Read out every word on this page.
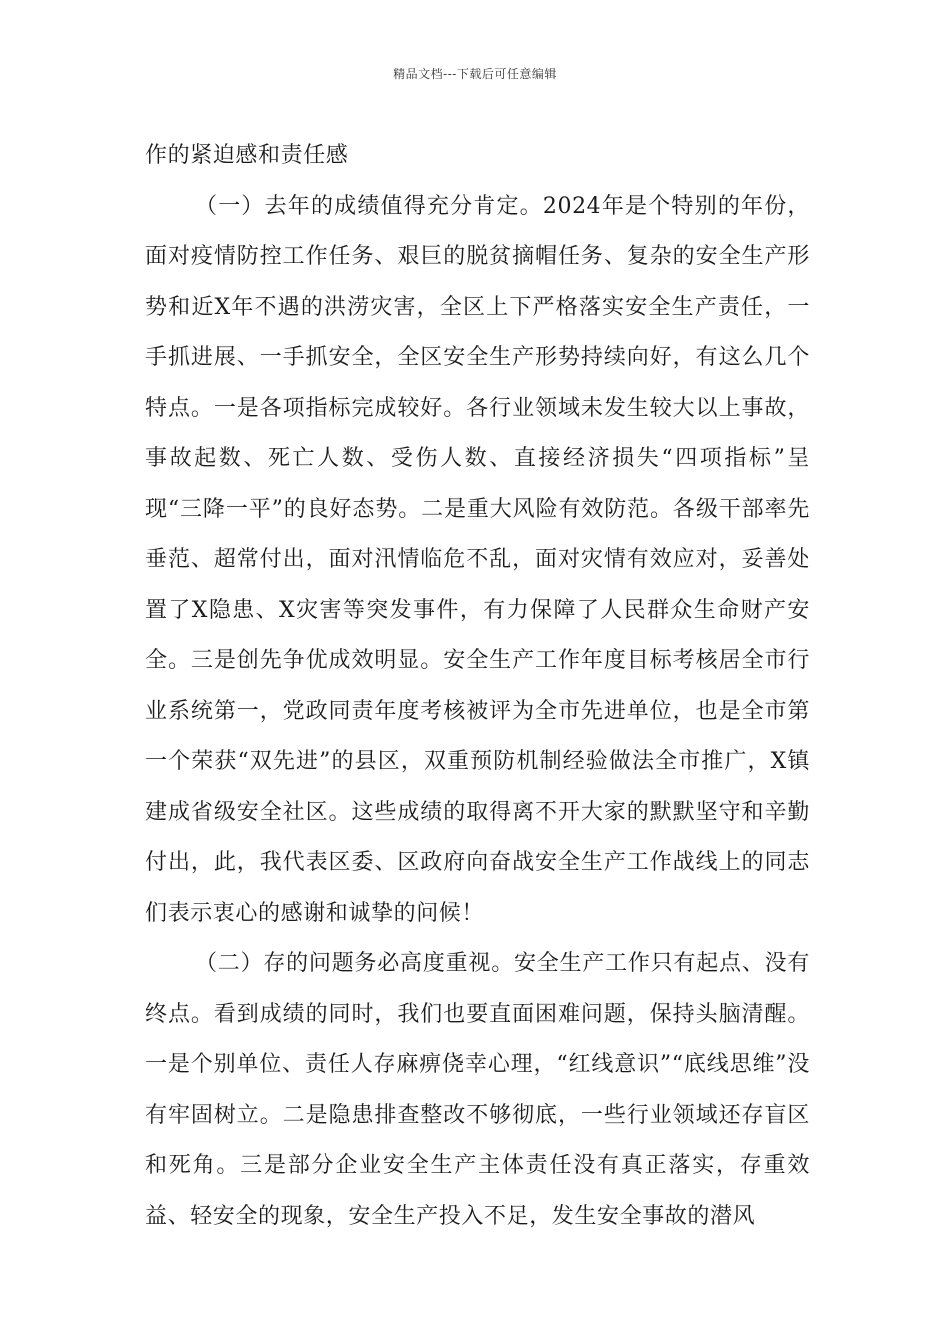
精品文档---下载后可任意编辑

作的紧迫感和责任感

（一）去年的成绩值得充分肯定。2024年是个特别的年份，面对疫情防控工作任务、艰巨的脱贫摘帽任务、复杂的安全生产形势和近X年不遇的洪涝灾害，全区上下严格落实安全生产责任，一手抓进展、一手抓安全，全区安全生产形势持续向好，有这么几个特点。一是各项指标完成较好。各行业领域未发生较大以上事故，事故起数、死亡人数、受伤人数、直接经济损失“四项指标”呈现“三降一平”的良好态势。二是重大风险有效防范。各级干部率先垂范、超常付出，面对汛情临危不乱，面对灾情有效应对，妥善处置了X隐患、X灾害等突发事件，有力保障了人民群众生命财产安全。三是创先争优成效明显。安全生产工作年度目标考核居全市行业系统第一，党政同责年度考核被评为全市先进单位，也是全市第一个荣获“双先进”的县区，双重预防机制经验做法全市推广，X镇建成省级安全社区。这些成绩的取得离不开大家的默默坚守和辛勤付出，此，我代表区委、区政府向奋战安全生产工作战线上的同志们表示衷心的感谢和诚挚的问候！

（二）存的问题务必高度重视。安全生产工作只有起点、没有终点。看到成绩的同时，我们也要直面困难问题，保持头脑清醒。一是个别单位、责任人存麻痹侥幸心理，“红线意识”“底线思维”没有牢固树立。二是隐患排查整改不够彻底，一些行业领域还存盲区和死角。三是部分企业安全生产主体责任没有真正落实，存重效益、轻安全的现象，安全生产投入不足，发生安全事故的潜风
